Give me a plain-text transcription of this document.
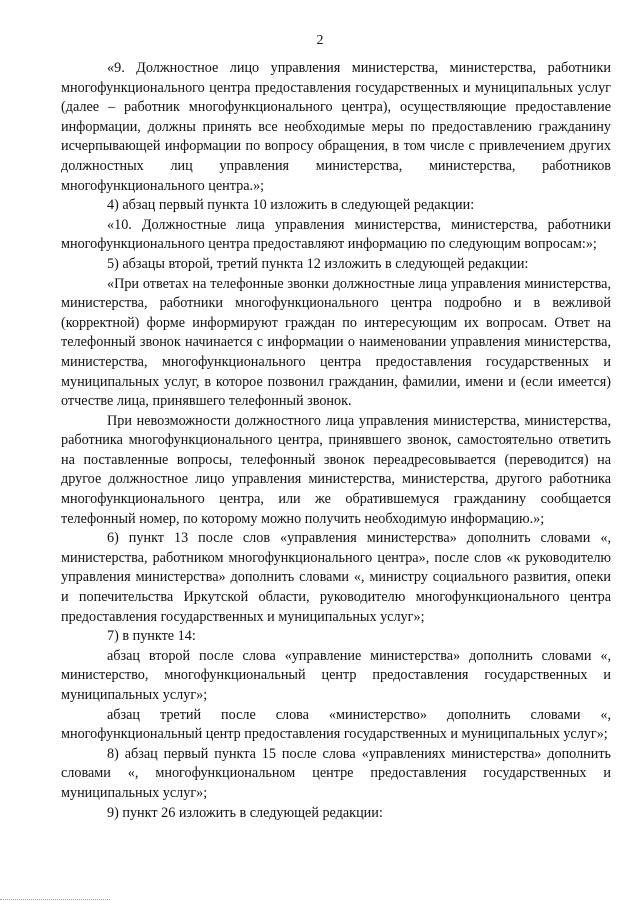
2

«9. Должностное лицо управления министерства, министерства, работники многофункционального центра предоставления государственных и муниципальных услуг (далее – работник многофункционального центра), осуществляющие предоставление информации, должны принять все необходимые меры по предоставлению гражданину исчерпывающей информации по вопросу обращения, в том числе с привлечением других должностных лиц управления министерства, министерства, работников многофункционального центра.»;

4) абзац первый пункта 10 изложить в следующей редакции:

«10. Должностные лица управления министерства, министерства, работники многофункционального центра предоставляют информацию по следующим вопросам:»;

5) абзацы второй, третий пункта 12 изложить в следующей редакции:

«При ответах на телефонные звонки должностные лица управления министерства, министерства, работники многофункционального центра подробно и в вежливой (корректной) форме информируют граждан по интересующим их вопросам. Ответ на телефонный звонок начинается с информации о наименовании управления министерства, министерства, многофункционального центра предоставления государственных и муниципальных услуг, в которое позвонил гражданин, фамилии, имени и (если имеется) отчестве лица, принявшего телефонный звонок.

При невозможности должностного лица управления министерства, министерства, работника многофункционального центра, принявшего звонок, самостоятельно ответить на поставленные вопросы, телефонный звонок переадресовывается (переводится) на другое должностное лицо управления министерства, министерства, другого работника многофункционального центра, или же обратившемуся гражданину сообщается телефонный номер, по которому можно получить необходимую информацию.»;

6) пункт 13 после слов «управления министерства» дополнить словами «, министерства, работником многофункционального центра», после слов «к руководителю управления министерства» дополнить словами «, министру социального развития, опеки и попечительства Иркутской области, руководителю многофункционального центра предоставления государственных и муниципальных услуг»;

7) в пункте 14:

абзац второй после слова «управление министерства» дополнить словами «, министерство, многофункциональный центр предоставления государственных и муниципальных услуг»;

абзац третий после слова «министерство» дополнить словами «, многофункциональный центр предоставления государственных и муниципальных услуг»;

8) абзац первый пункта 15 после слова «управлениях министерства» дополнить словами «, многофункциональном центре предоставления государственных и муниципальных услуг»;

9) пункт 26 изложить в следующей редакции:
